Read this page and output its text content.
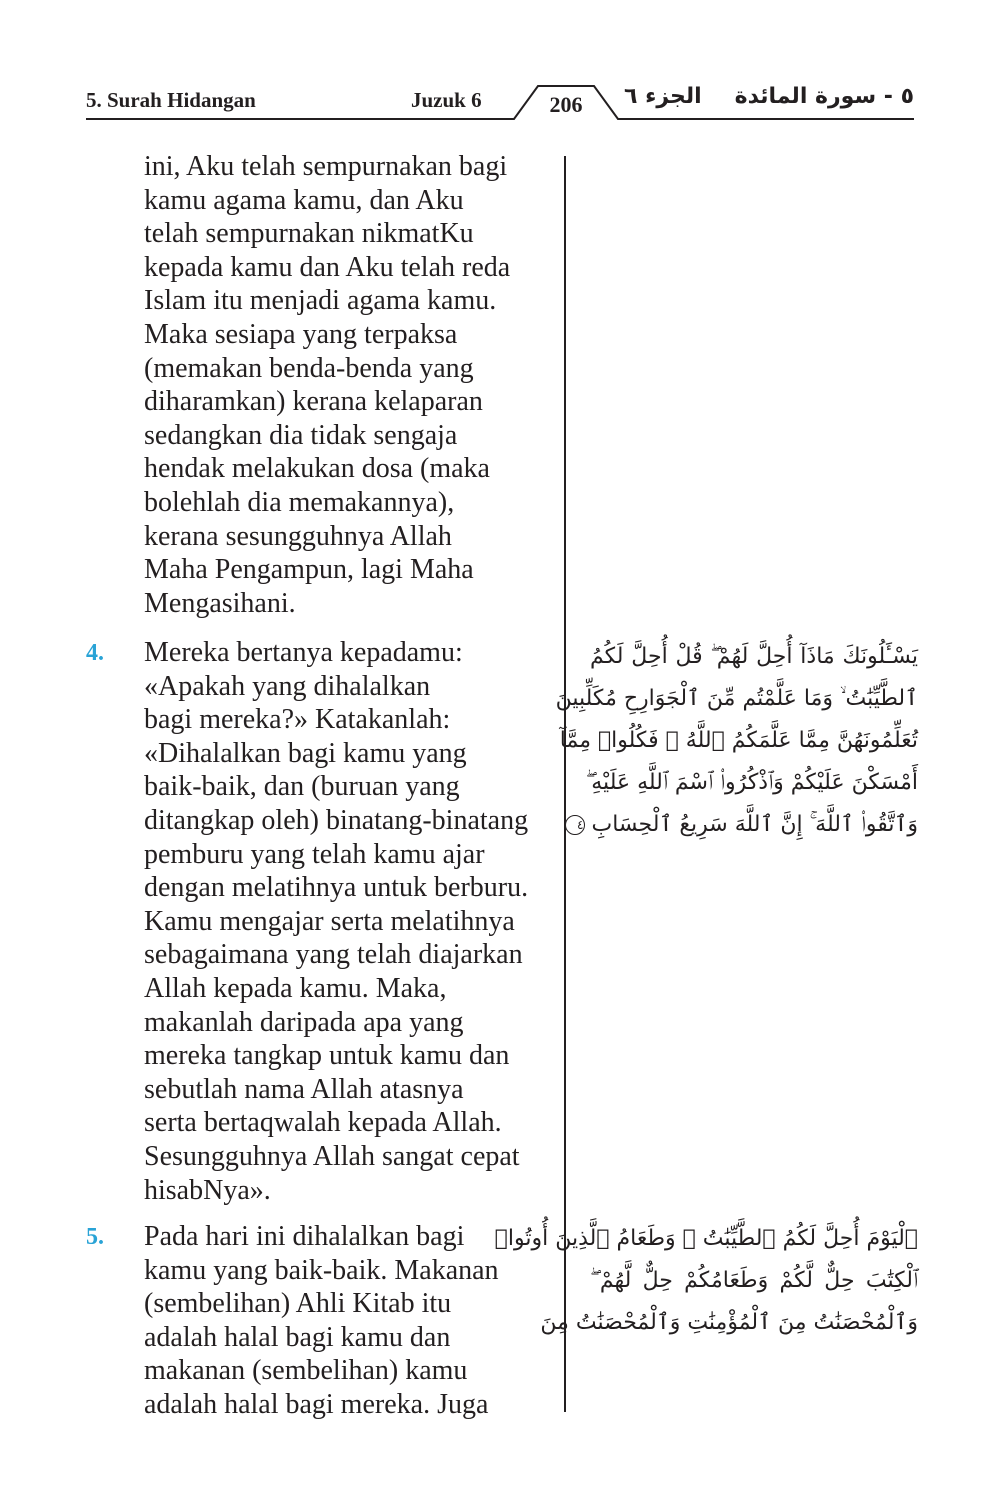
5. Surah Hidangan	Juzuk 6	206	الجزء ٦ ٥ - سورة المائدة
ini, Aku telah sempurnakan bagi
kamu agama kamu, dan Aku
telah sempurnakan nikmatKu
kepada kamu dan Aku telah reda
Islam itu menjadi agama kamu.
Maka sesiapa yang terpaksa
(memakan benda-benda yang
diharamkan) kerana kelaparan
sedangkan dia tidak sengaja
hendak melakukan dosa (maka
bolehlah dia memakannya),
kerana sesungguhnya Allah
Maha Pengampun, lagi Maha
Mengasihani.
4. Mereka bertanya kepadamu:
«Apakah yang dihalalkan
bagi mereka?» Katakanlah:
«Dihalalkan bagi kamu yang
baik-baik, dan (buruan yang
ditangkap oleh) binatang-binatang
pemburu yang telah kamu ajar
dengan melatihnya untuk berburu.
Kamu mengajar serta melatihnya
sebagaimana yang telah diajarkan
Allah kepada kamu. Maka,
makanlah daripada apa yang
mereka tangkap untuk kamu dan
sebutlah nama Allah atasnya
serta bertaqwalah kepada Allah.
Sesungguhnya Allah sangat cepat
hisabNya».
يَسْـَٔلُونَكَ مَاذَآ أُحِلَّ لَهُمْ ۖ قُلْ أُحِلَّ لَكُمُ
ٱلطَّيِّبَٰتُ ۙ وَمَا عَلَّمْتُم مِّنَ ٱلْجَوَارِحِ مُكَلِّبِينَ
تُعَلِّمُونَهُنَّ مِمَّا عَلَّمَكُمُ ٱللَّهُ ۖ فَكُلُوا۟ مِمَّآ
أَمْسَكْنَ عَلَيْكُمْ وَٱذْكُرُوا۟ ٱسْمَ ٱللَّهِ عَلَيْهِ ۖ
وَٱتَّقُوا۟ ٱللَّهَ ۚ إِنَّ ٱللَّهَ سَرِيعُ ٱلْحِسَابِ ٤
5. Pada hari ini dihalalkan bagi
kamu yang baik-baik. Makanan
(sembelihan) Ahli Kitab itu
adalah halal bagi kamu dan
makanan (sembelihan) kamu
adalah halal bagi mereka. Juga
ٱلْيَوْمَ أُحِلَّ لَكُمُ ٱلطَّيِّبَٰتُ ۖ وَطَعَامُ ٱلَّذِينَ أُوتُوا۟
ٱلْكِتَٰبَ حِلٌّ لَّكُمْ وَطَعَامُكُمْ حِلٌّ لَّهُمْ ۖ
وَٱلْمُحْصَنَٰتُ مِنَ ٱلْمُؤْمِنَٰتِ وَٱلْمُحْصَنَٰتُ مِنَ
